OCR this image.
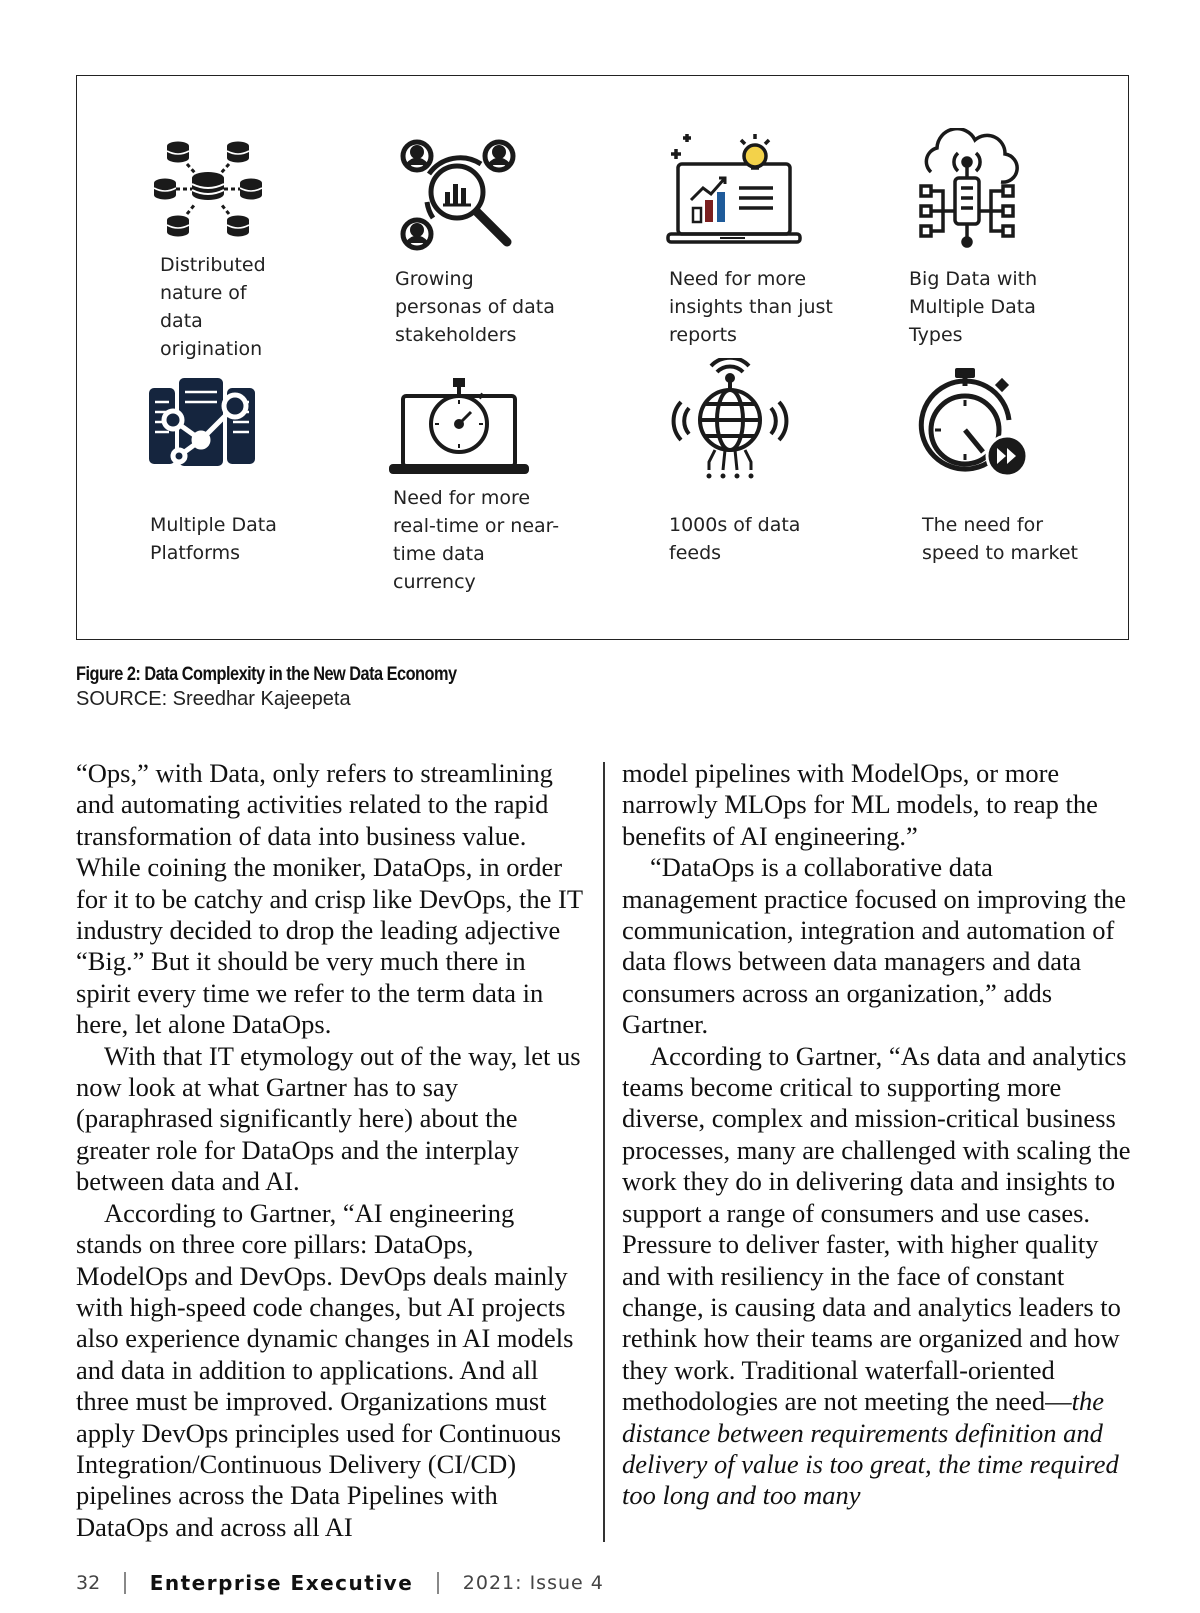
Distributed
nature of
data
origination
Growing
personas of data
stakeholders
Need for more
insights than just
reports
Big Data with
Multiple Data
Types
Multiple Data
Platforms
Need for more
real-time or near-
time data
currency
1000s of data
feeds
The need for
speed to market
Figure 2: Data Complexity in the New Data Economy
SOURCE: Sreedhar Kajeepeta

“Ops,” with Data, only refers to streamlining and automating activities related to the rapid transformation of data into business value. While coining the moniker, DataOps, in order for it to be catchy and crisp like DevOps, the IT industry decided to drop the leading adjective “Big.” But it should be very much there in spirit every time we refer to the term data in here, let alone DataOps.

With that IT etymology out of the way, let us now look at what Gartner has to say (paraphrased significantly here) about the greater role for DataOps and the interplay between data and AI.

According to Gartner, “AI engineering stands on three core pillars: DataOps, ModelOps and DevOps. DevOps deals mainly with high-speed code changes, but AI projects also experience dynamic changes in AI models and data in addition to applications. And all three must be improved. Organizations must apply DevOps principles used for Continuous Integration/Continuous Delivery (CI/CD) pipelines across the Data Pipelines with DataOps and across all AI

model pipelines with ModelOps, or more narrowly MLOps for ML models, to reap the benefits of AI engineering.”

“DataOps is a collaborative data management practice focused on improving the communication, integration and automation of data flows between data managers and data consumers across an organization,” adds Gartner.

According to Gartner, “As data and analytics teams become critical to supporting more diverse, complex and mission-critical business processes, many are challenged with scaling the work they do in delivering data and insights to support a range of consumers and use cases. Pressure to deliver faster, with higher quality and with resiliency in the face of constant change, is causing data and analytics leaders to rethink how their teams are organized and how they work. Traditional waterfall-oriented methodologies are not meeting the need—the distance between requirements definition and delivery of value is too great, the time required too long and too many

32 Enterprise Executive	2021: Issue 4
